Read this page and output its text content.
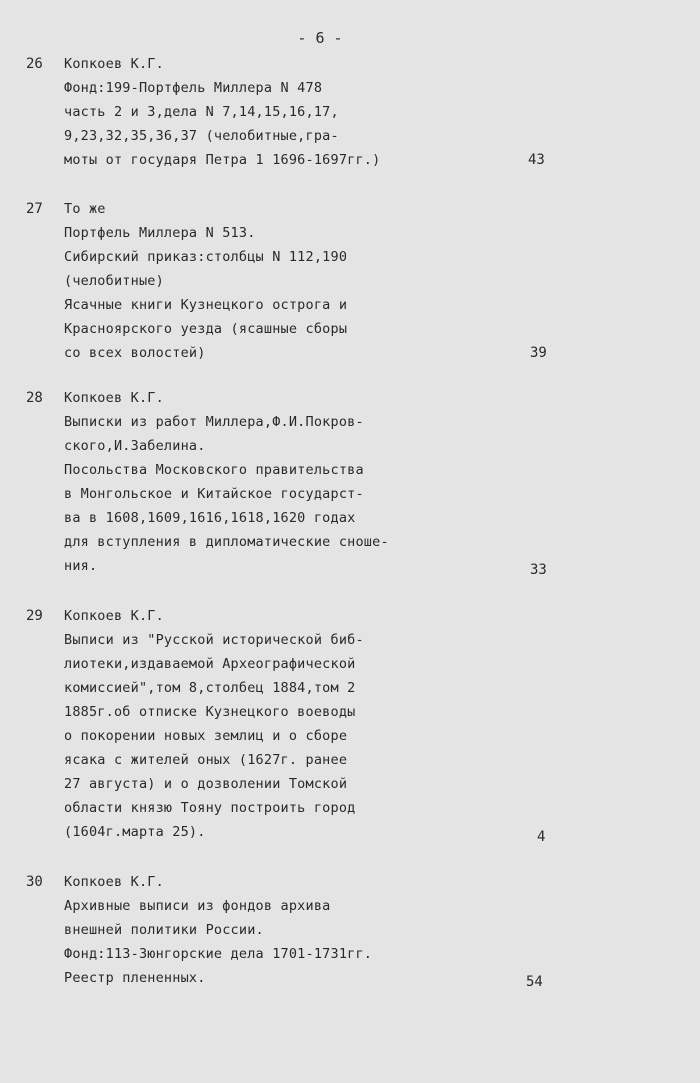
- 6 -
26 Копкоев К.Г.
Фонд:199-Портфель Миллера N 478
часть 2 и 3,дела N 7,14,15,16,17,
9,23,32,35,36,37 (челобитные,гра-
моты от государя Петра 1 1696-1697гг.)	43
27 То же
Портфель Миллера N 513.
Сибирский приказ:столбцы N 112,190
(челобитные)
Ясачные книги Кузнецкого острога и
Красноярского уезда (ясашные сборы
со всех волостей)	39
28 Копкоев К.Г.
Выписки из работ Миллера,Ф.И.Покров-
ского,И.Забелина.
Посольства Московского правительства
в Монгольское и Китайское государст-
ва в 1608,1609,1616,1618,1620 годах
для вступления в дипломатические сноше-
ния.	33
29 Копкоев К.Г.
Выписи из "Русской исторической биб-
лиотеки,издаваемой Археографической
комиссией",том 8,столбец 1884,том 2
1885г.об отписке Кузнецкого воеводы
о покорении новых землиц и о сборе
ясака с жителей оных (1627г. ранее
27 августа) и о дозволении Томской
области князю Тояну построить город
(1604г.марта 25).	4
30 Копкоев К.Г.
Архивные выписи из фондов архива
внешней политики России.
Фонд:113-Зюнгорские дела 1701-1731гг.
Реестр плененных.	54
